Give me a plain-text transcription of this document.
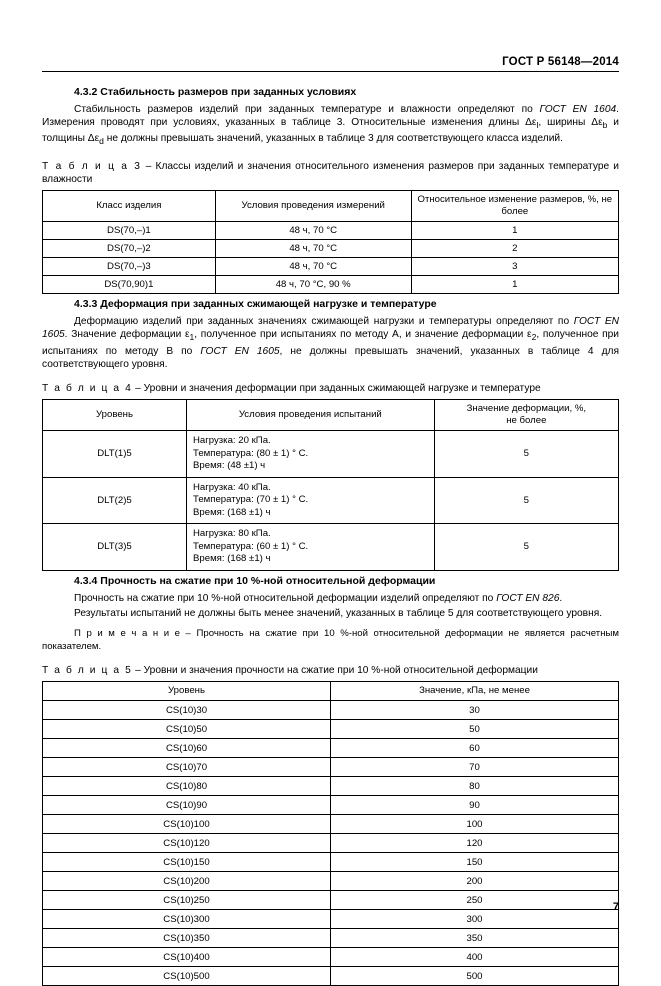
ГОСТ Р 56148—2014
4.3.2 Стабильность размеров при заданных условиях

Стабильность размеров изделий при заданных температуре и влажности определяют по ГОСТ EN 1604. Измерения проводят при условиях, указанных в таблице 3. Относительные изменения длины $\Delta\varepsilon_l$, ширины $\Delta\varepsilon_b$ и толщины $\Delta\varepsilon_d$ не должны превышать значений, указанных в таблице 3 для соответствующего класса изделий.

Т а б л и ц а 3 – Классы изделий и значения относительного изменения размеров при заданных температуре и влажности
Класс изделия	Условия проведения измерений	Относительное изменение размеров, %, не более
DS(70,–)1	48 ч, 70 °С	1
DS(70,–)2	48 ч, 70 °С	2
DS(70,–)3	48 ч, 70 °С	3
DS(70,90)1	48 ч, 70 °С, 90 %	1
4.3.3 Деформация при заданных сжимающей нагрузке и температуре

Деформацию изделий при заданных значениях сжимающей нагрузки и температуры определяют по ГОСТ EN 1605. Значение деформации $\varepsilon_1$, полученное при испытаниях по методу А, и значение деформации $\varepsilon_2$, полученное при испытаниях по методу В по ГОСТ EN 1605, не должны превышать значений, указанных в таблице 4 для соответствующего уровня.

Т а б л и ц а 4 – Уровни и значения деформации при заданных сжимающей нагрузке и температуре
Уровень	Условия проведения испытаний	Значение деформации, %,
не более
DLT(1)5	Нагрузка: 20 кПа.
Температура: (80 ± 1) ° С.
Время: (48 ±1) ч	5
DLT(2)5	Нагрузка: 40 кПа.
Температура: (70 ± 1) ° С.
Время: (168 ±1) ч	5
DLT(3)5	Нагрузка: 80 кПа.
Температура: (60 ± 1) ° С.
Время: (168 ±1) ч	5
4.3.4 Прочность на сжатие при 10 %-ной относительной деформации

Прочность на сжатие при 10 %-ной относительной деформации изделий определяют по ГОСТ EN 826.

Результаты испытаний не должны быть менее значений, указанных в таблице 5 для соответствующего уровня.

П р и м е ч а н и е – Прочность на сжатие при 10 %-ной относительной деформации не является расчетным показателем.

Т а б л и ц а 5 – Уровни и значения прочности на сжатие при 10 %-ной относительной деформации
Уровень	Значение, кПа, не менее
CS(10)30	30
CS(10)50	50
CS(10)60	60
CS(10)70	70
CS(10)80	80
CS(10)90	90
CS(10)100	100
CS(10)120	120
CS(10)150	150
CS(10)200	200
CS(10)250	250
CS(10)300	300
CS(10)350	350
CS(10)400	400
CS(10)500	500
7
